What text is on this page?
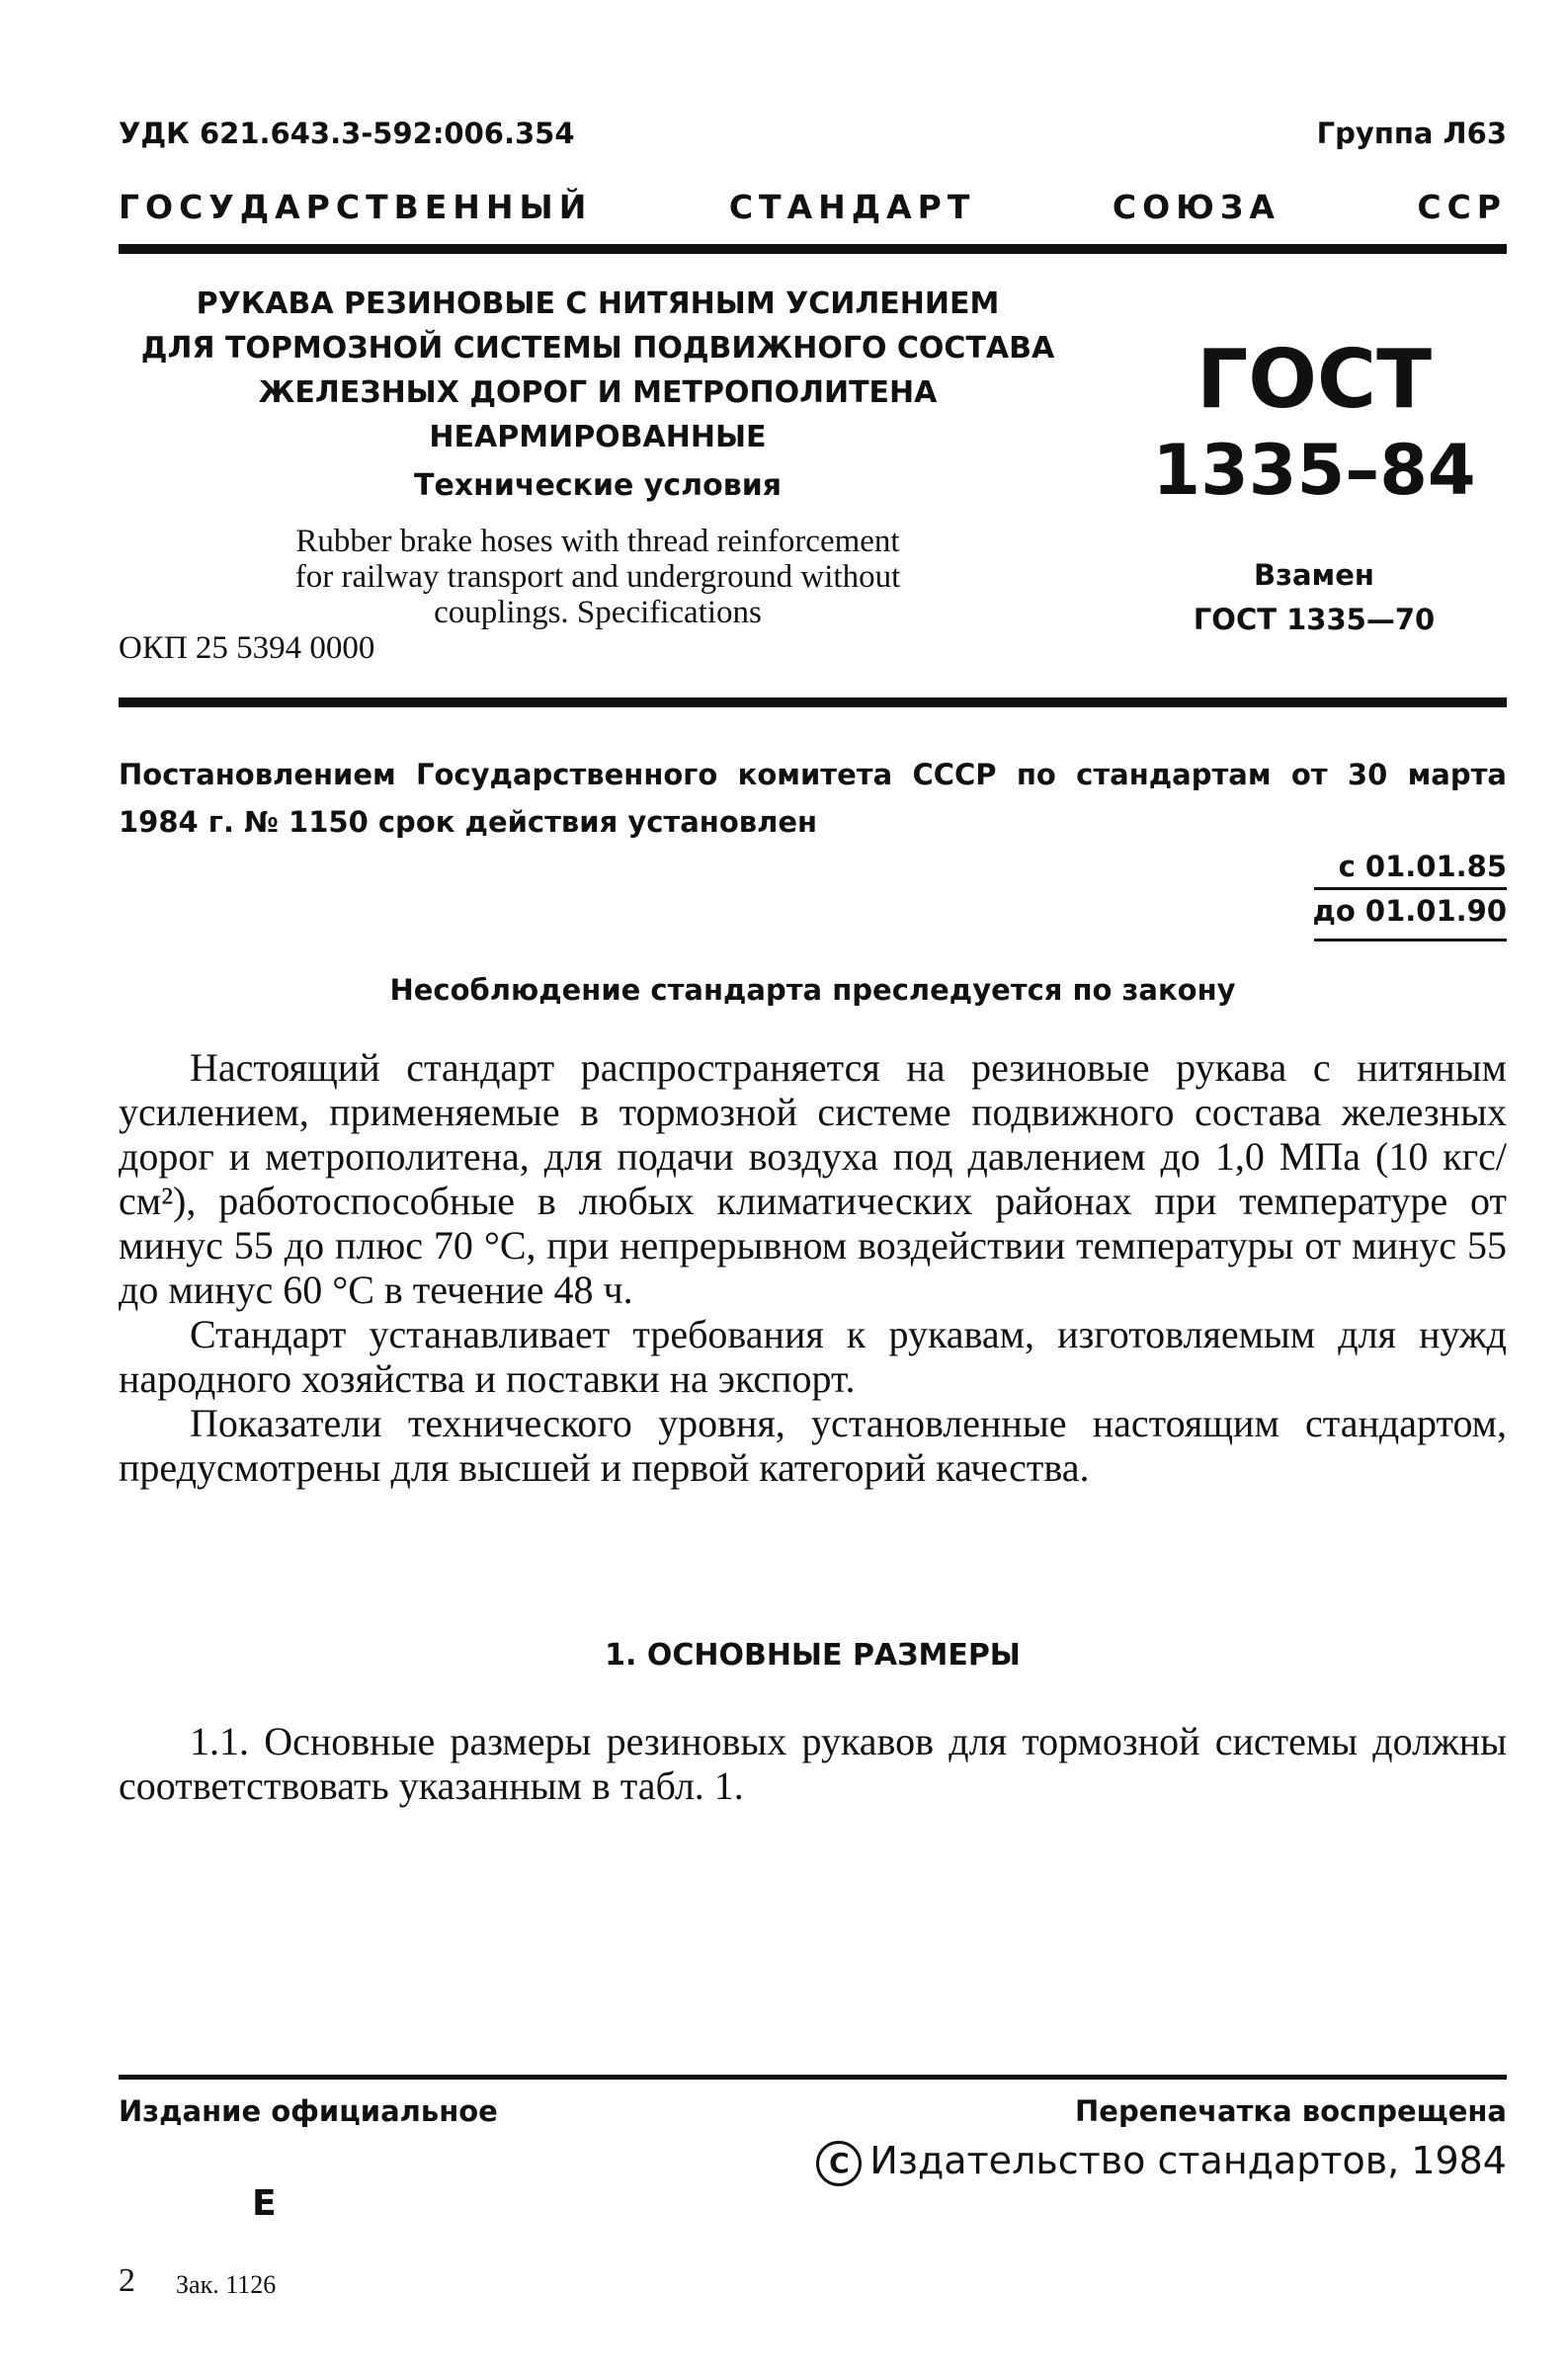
УДК 621.643.3-592:006.354	Группа Л63
ГОСУДАРСТВЕННЫЙ СТАНДАРТ СОЮЗА ССР
РУКАВА РЕЗИНОВЫЕ С НИТЯНЫМ УСИЛЕНИЕМ
ДЛЯ ТОРМОЗНОЙ СИСТЕМЫ ПОДВИЖНОГО СОСТАВА
ЖЕЛЕЗНЫХ ДОРОГ И МЕТРОПОЛИТЕНА
НЕАРМИРОВАННЫЕ
Технические условия
Rubber brake hoses with thread reinforcement
for railway transport and underground without
couplings. Specifications
ОКП 25 5394 0000
ГОСТ
1335–84
Взамен
ГОСТ 1335—70
Постановлением Государственного комитета СССР по стандартам от 30 марта 1984 г. № 1150 срок действия установлен
с 01.01.85
до 01.01.90
Несоблюдение стандарта преследуется по закону

Настоящий стандарт распространяется на резиновые рукава с нитяным усилением, применяемые в тормозной системе подвижного состава железных дорог и метрополитена, для подачи воздуха под давлением до 1,0 МПа (10 кгс/см²), работоспособные в любых климатических районах при температуре от минус 55 до плюс 70 °С, при непрерывном воздействии температуры от минус 55 до минус 60 °С в течение 48 ч.

Стандарт устанавливает требования к рукавам, изготовляемым для нужд народного хозяйства и поставки на экспорт.

Показатели технического уровня, установленные настоящим стандартом, предусмотрены для высшей и первой категорий качества.

1. ОСНОВНЫЕ РАЗМЕРЫ

1.1. Основные размеры резиновых рукавов для тормозной системы должны соответствовать указанным в табл. 1.

Издание официальное	Перепечатка воспрещена
C Издательство стандартов, 1984
Е
2 Зак. 1126
